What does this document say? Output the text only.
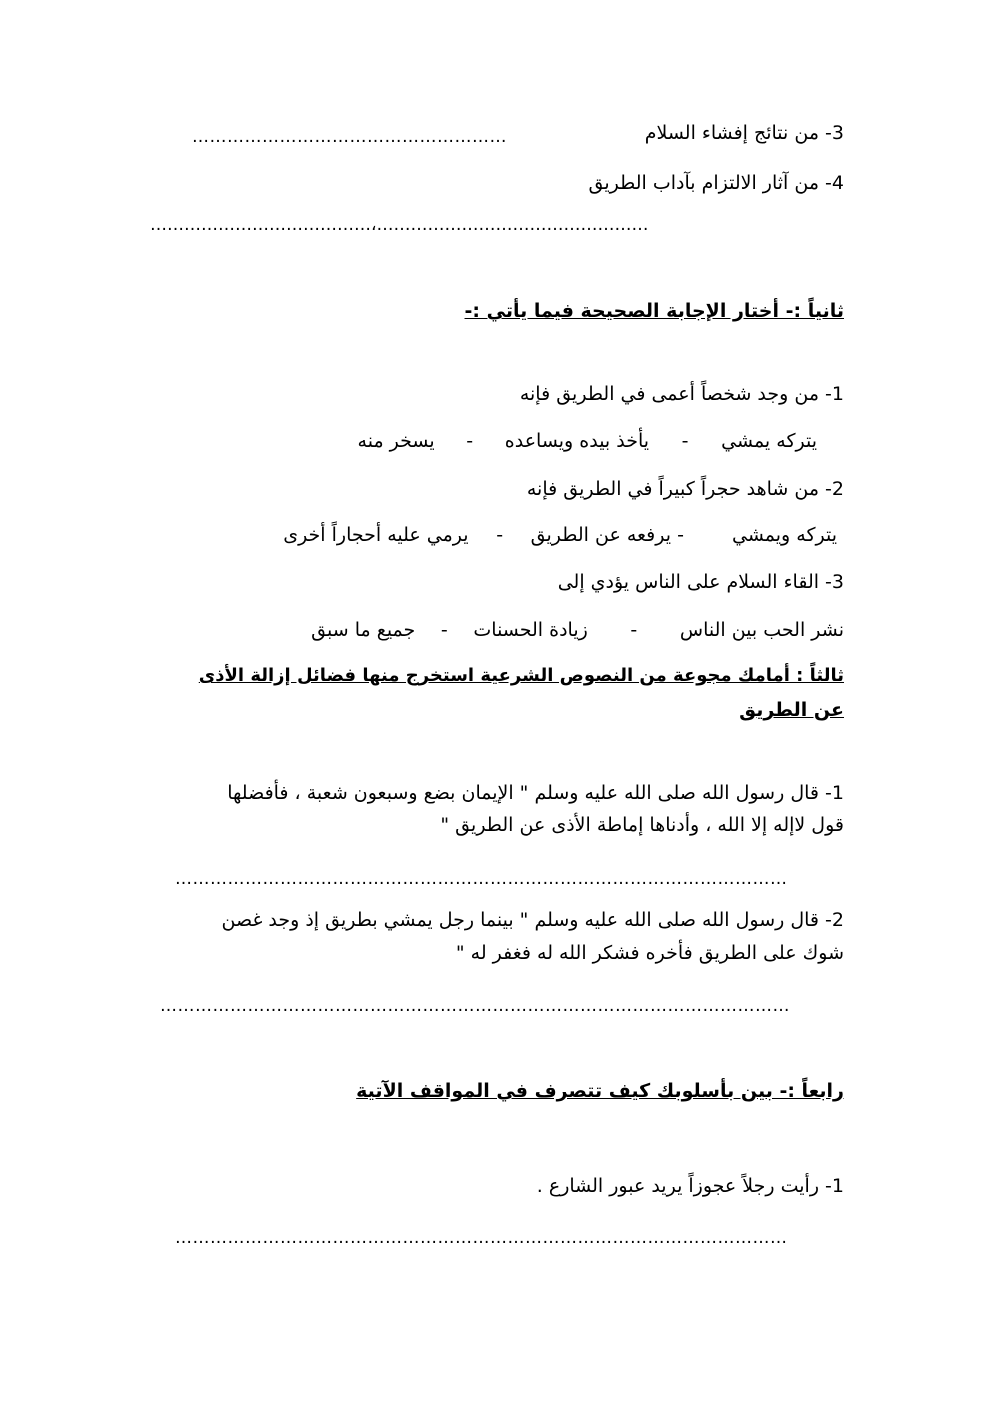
3- من نتائج إفشاء السلام
………………………………………………
4- من آثار الالتزام بآداب الطريق
…………………………………،…………………………………………
ثانياً :- أختار الإجابة الصحيحة فيما يأتي :-
1- من وجد شخصاً أعمى في الطريق فإنه
يتركه يمشي - يأخذ بيده ويساعده - يسخر منه
2- من شاهد حجراً كبيراً في الطريق فإنه
يتركه ويمشي - يرفعه عن الطريق - يرمي عليه أحجاراً أخرى
3- القاء السلام على الناس يؤدي إلى
نشر الحب بين الناس - زيادة الحسنات - جميع ما سبق
ثالثاً : أمامك مجوعة من النصوص الشرعية استخرج منها فضائل إزالة الأذى
عن الطريق
1- قال رسول الله صلى الله عليه وسلم " الإيمان بضع وسبعون شعبة ، فأفضلها
قول لاإله إلا الله ، وأدناها إماطة الأذى عن الطريق "
……………………………………………………………………………………………
2- قال رسول الله صلى الله عليه وسلم " بينما رجل يمشي بطريق إذ وجد غصن
شوك على الطريق فأخره فشكر الله له فغفر له "
………………………………………………………………………………………………
رابعاً :- بين بأسلوبك كيف تتصرف في المواقف الآتية
1- رأيت رجلاً عجوزاً يريد عبور الشارع .
……………………………………………………………………………………………
